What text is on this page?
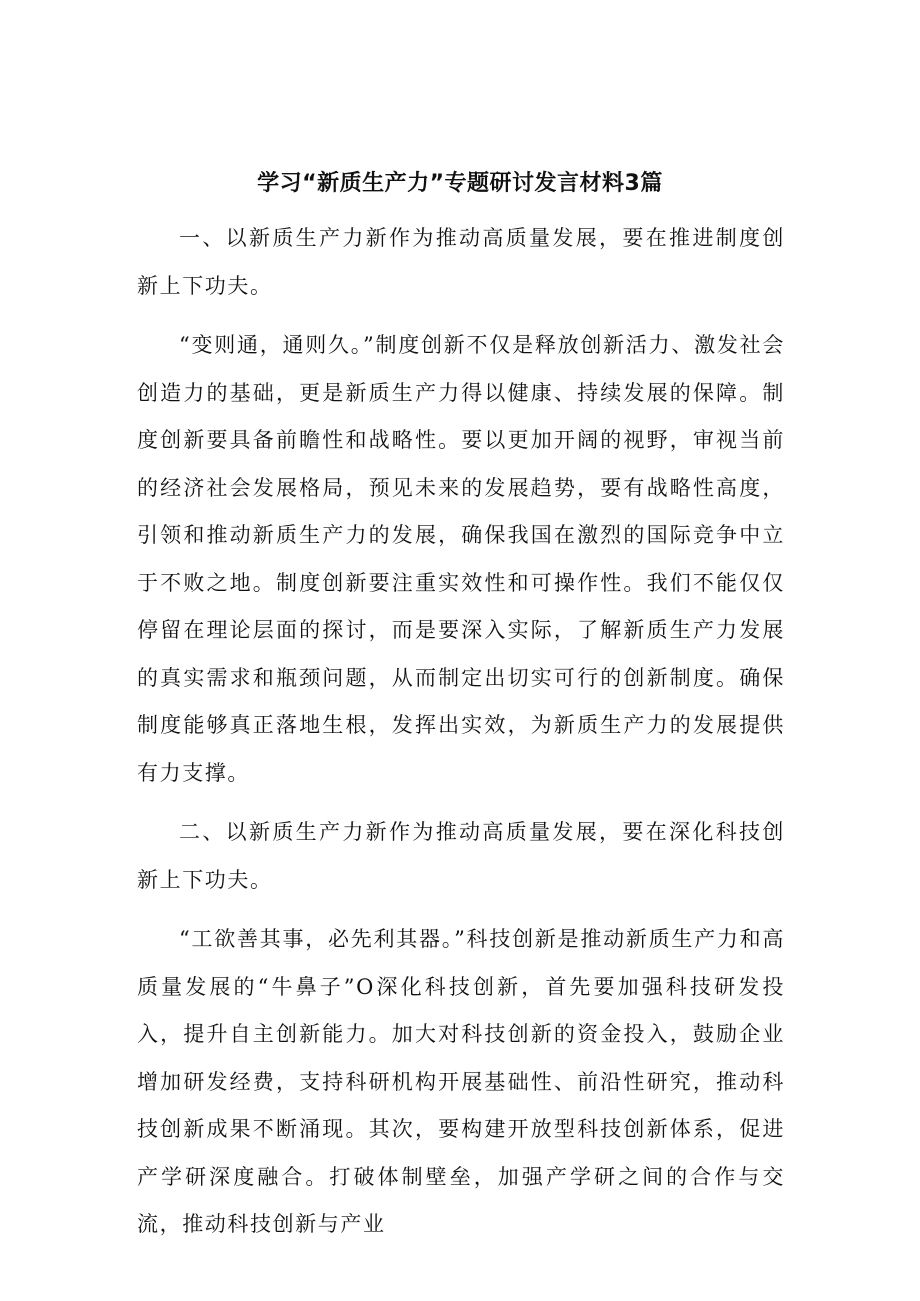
学习“新质生产力”专题研讨发言材料3篇

一、以新质生产力新作为推动高质量发展，要在推进制度创新上下功夫。

“变则通，通则久。”制度创新不仅是释放创新活力、激发社会创造力的基础，更是新质生产力得以健康、持续发展的保障。制度创新要具备前瞻性和战略性。要以更加开阔的视野，审视当前的经济社会发展格局，预见未来的发展趋势，要有战略性高度，引领和推动新质生产力的发展，确保我国在激烈的国际竞争中立于不败之地。制度创新要注重实效性和可操作性。我们不能仅仅停留在理论层面的探讨，而是要深入实际，了解新质生产力发展的真实需求和瓶颈问题，从而制定出切实可行的创新制度。确保制度能够真正落地生根，发挥出实效，为新质生产力的发展提供有力支撑。

二、以新质生产力新作为推动高质量发展，要在深化科技创新上下功夫。

“工欲善其事，必先利其器。”科技创新是推动新质生产力和高质量发展的“牛鼻子”O深化科技创新，首先要加强科技研发投入，提升自主创新能力。加大对科技创新的资金投入，鼓励企业增加研发经费，支持科研机构开展基础性、前沿性研究，推动科技创新成果不断涌现。其次，要构建开放型科技创新体系，促进产学研深度融合。打破体制壁垒，加强产学研之间的合作与交流，推动科技创新与产业
